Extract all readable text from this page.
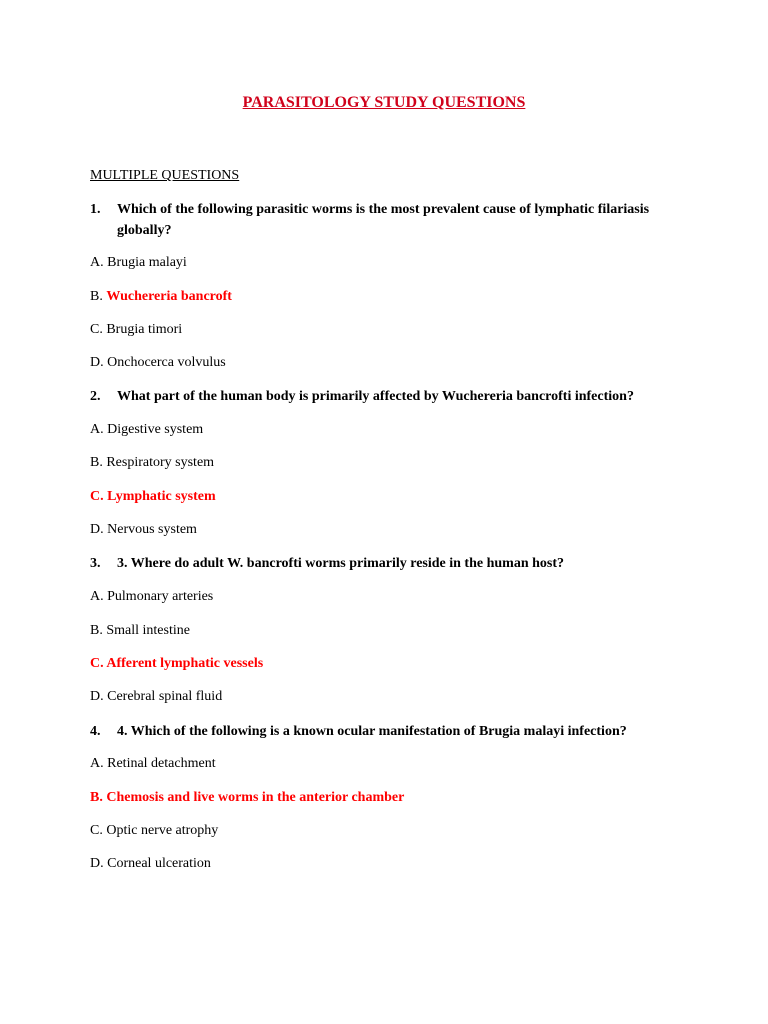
PARASITOLOGY STUDY QUESTIONS
MULTIPLE QUESTIONS
1. Which of the following parasitic worms is the most prevalent cause of lymphatic filariasis globally?
A. Brugia malayi
B. Wuchereria bancroft
C. Brugia timori
D. Onchocerca volvulus
2. What part of the human body is primarily affected by Wuchereria bancrofti infection?
A. Digestive system
B. Respiratory system
C. Lymphatic system
D. Nervous system
3. 3. Where do adult W. bancrofti worms primarily reside in the human host?
A. Pulmonary arteries
B. Small intestine
C. Afferent lymphatic vessels
D. Cerebral spinal fluid
4. 4. Which of the following is a known ocular manifestation of Brugia malayi infection?
A. Retinal detachment
B. Chemosis and live worms in the anterior chamber
C. Optic nerve atrophy
D. Corneal ulceration
